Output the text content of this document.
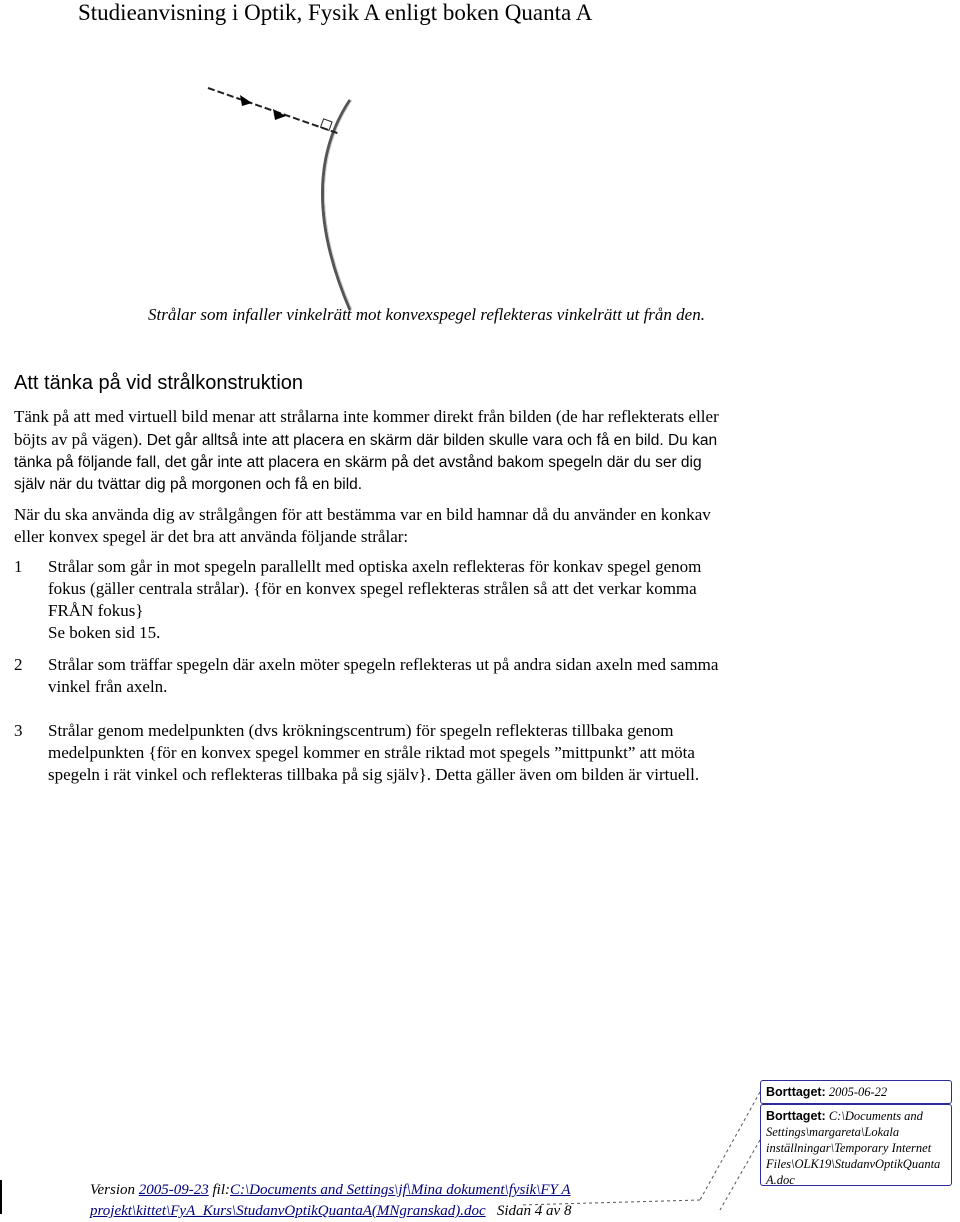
Studieanvisning i Optik, Fysik A enligt boken Quanta A
Strålar som infaller vinkelrätt mot konvexspegel reflekteras vinkelrätt ut från den.
Att tänka på vid strålkonstruktion
Tänk på att med virtuell bild menar att strålarna inte kommer direkt från bilden (de har reflekterats eller böjts av på vägen). Det går alltså inte att placera en skärm där bilden skulle vara och få en bild. Du kan tänka på följande fall, det går inte att placera en skärm på det avstånd bakom spegeln där du ser dig själv när du tvättar dig på morgonen och få en bild.
När du ska använda dig av strålgången för att bestämma var en bild hamnar då du använder en konkav eller konvex spegel är det bra att använda följande strålar:
1 Strålar som går in mot spegeln parallellt med optiska axeln reflekteras för konkav spegel genom fokus (gäller centrala strålar). {för en konvex spegel reflekteras strålen så att det verkar komma FRÅN fokus}
Se boken sid 15.
2 Strålar som träffar spegeln där axeln möter spegeln reflekteras ut på andra sidan axeln med samma vinkel från axeln.
3 Strålar genom medelpunkten (dvs krökningscentrum) för spegeln reflekteras tillbaka genom medelpunkten {för en konvex spegel kommer en stråle riktad mot spegels ”mittpunkt” att möta spegeln i rät vinkel och reflekteras tillbaka på sig själv}. Detta gäller även om bilden är virtuell.
Version 2005-09-23 fil:C:\Documents and Settings\jf\Mina dokument\fysik\FY A projekt\kittet\FyA_Kurs\StudanvOptikQuantaA(MNgranskad).doc Sidan 4 av 8
Borttaget: 2005-06-22
Borttaget: C:\Documents and Settings\margareta\Lokala inställningar\Temporary Internet Files\OLK19\StudanvOptikQuanta A.doc
